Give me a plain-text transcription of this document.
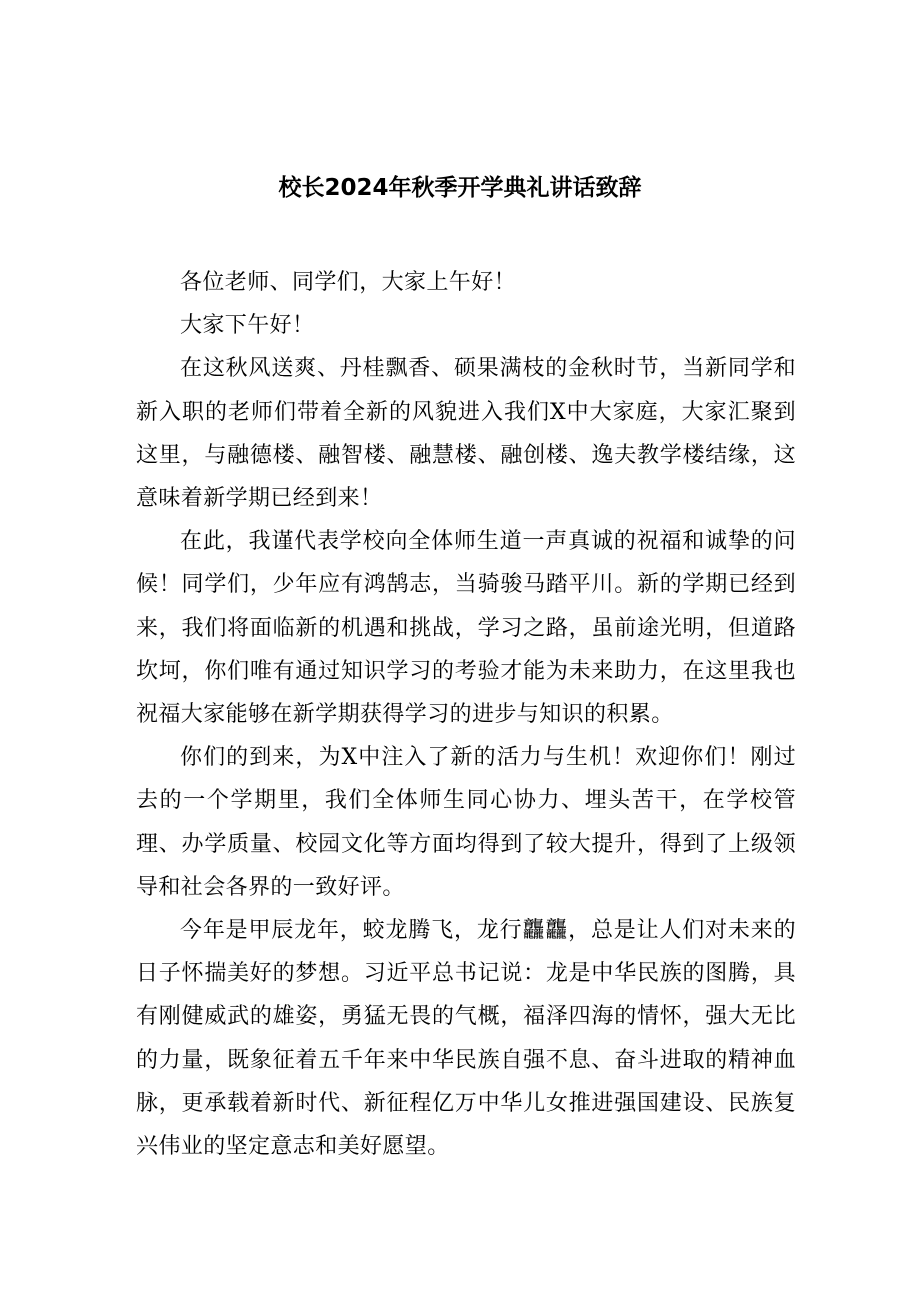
校长2024年秋季开学典礼讲话致辞

各位老师、同学们，大家上午好！

大家下午好！

在这秋风送爽、丹桂飘香、硕果满枝的金秋时节，当新同学和新入职的老师们带着全新的风貌进入我们X中大家庭，大家汇聚到这里，与融德楼、融智楼、融慧楼、融创楼、逸夫教学楼结缘，这意味着新学期已经到来！

在此，我谨代表学校向全体师生道一声真诚的祝福和诚挚的问候！同学们，少年应有鸿鹄志，当骑骏马踏平川。新的学期已经到来，我们将面临新的机遇和挑战，学习之路，虽前途光明，但道路坎坷，你们唯有通过知识学习的考验才能为未来助力，在这里我也祝福大家能够在新学期获得学习的进步与知识的积累。

你们的到来，为X中注入了新的活力与生机！欢迎你们！刚过去的一个学期里，我们全体师生同心协力、埋头苦干，在学校管理、办学质量、校园文化等方面均得到了较大提升，得到了上级领导和社会各界的一致好评。

今年是甲辰龙年，蛟龙腾飞，龙行龘龘，总是让人们对未来的日子怀揣美好的梦想。习近平总书记说：龙是中华民族的图腾，具有刚健威武的雄姿，勇猛无畏的气概，福泽四海的情怀，强大无比的力量，既象征着五千年来中华民族自强不息、奋斗进取的精神血脉，更承载着新时代、新征程亿万中华儿女推进强国建设、民族复兴伟业的坚定意志和美好愿望。
